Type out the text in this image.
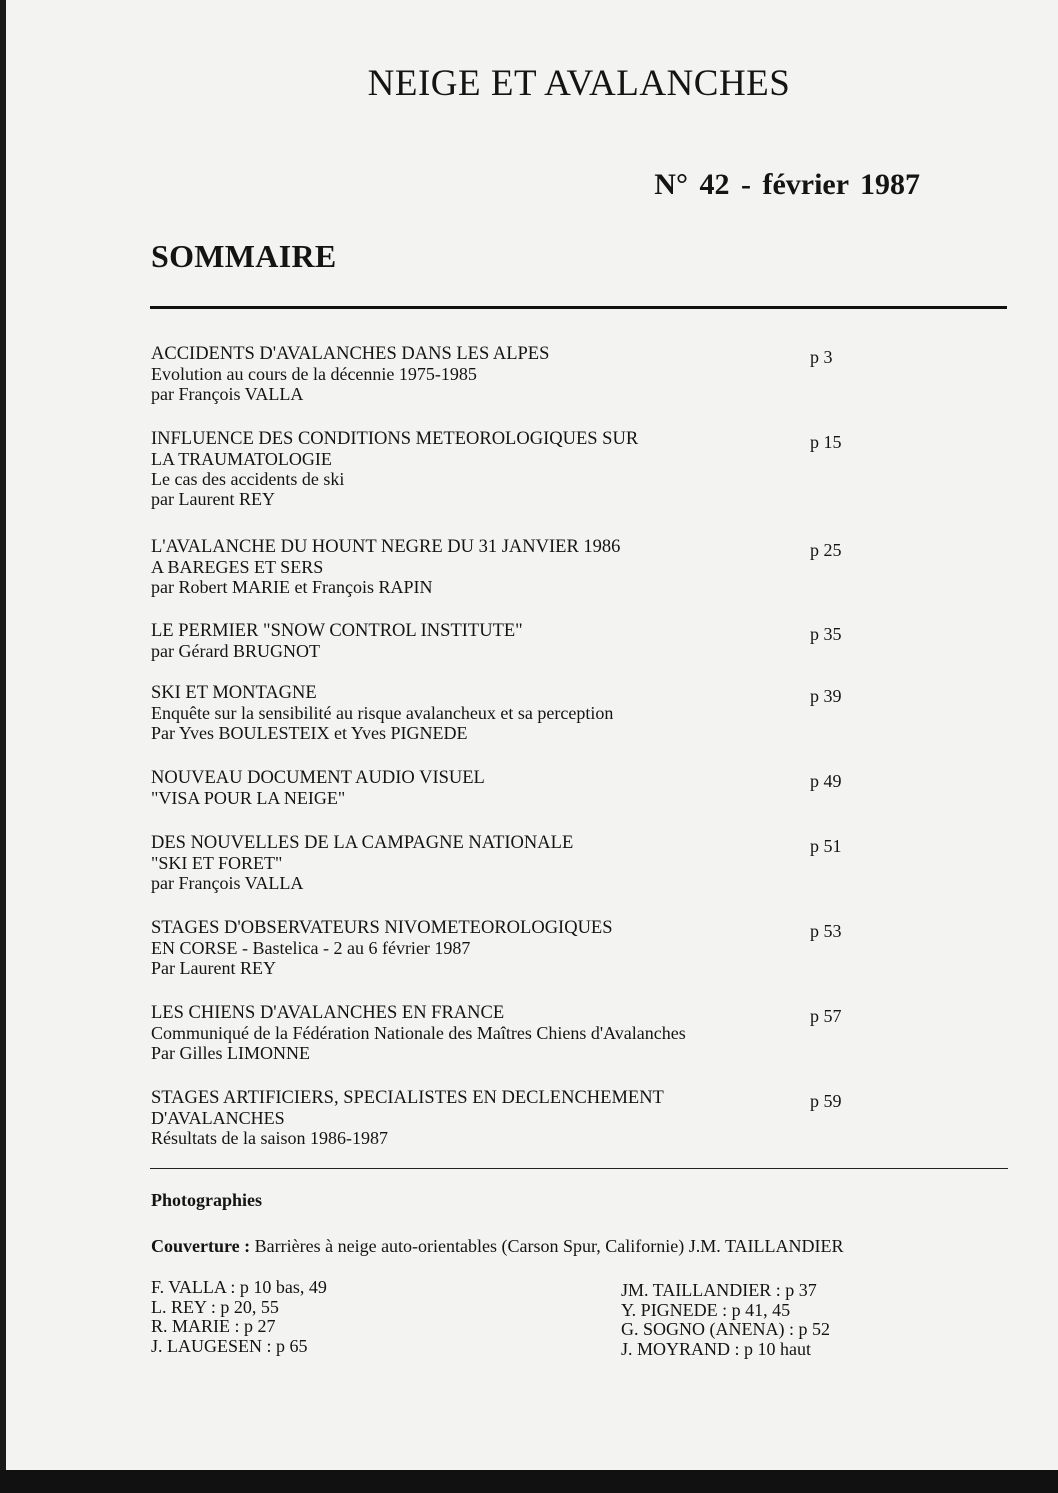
NEIGE ET AVALANCHES
N° 42 - février 1987
SOMMAIRE
ACCIDENTS D'AVALANCHES DANS LES ALPES
Evolution au cours de la décennie 1975-1985
par François VALLA
p 3
INFLUENCE DES CONDITIONS METEOROLOGIQUES SUR
LA TRAUMATOLOGIE
Le cas des accidents de ski
par Laurent REY
p 15
L'AVALANCHE DU HOUNT NEGRE DU 31 JANVIER 1986
A BAREGES ET SERS
par Robert MARIE et François RAPIN
p 25
LE PERMIER "SNOW CONTROL INSTITUTE"
par Gérard BRUGNOT
p 35
SKI ET MONTAGNE
Enquête sur la sensibilité au risque avalancheux et sa perception
Par Yves BOULESTEIX et Yves PIGNEDE
p 39
NOUVEAU DOCUMENT AUDIO VISUEL
"VISA POUR LA NEIGE"
p 49
DES NOUVELLES DE LA CAMPAGNE NATIONALE
"SKI ET FORET"
par François VALLA
p 51
STAGES D'OBSERVATEURS NIVOMETEOROLOGIQUES
EN CORSE - Bastelica - 2 au 6 février 1987
Par Laurent REY
p 53
LES CHIENS D'AVALANCHES EN FRANCE
Communiqué de la Fédération Nationale des Maîtres Chiens d'Avalanches
Par Gilles LIMONNE
p 57
STAGES ARTIFICIERS, SPECIALISTES EN DECLENCHEMENT
D'AVALANCHES
Résultats de la saison 1986-1987
p 59
Photographies
Couverture : Barrières à neige auto-orientables (Carson Spur, Californie) J.M. TAILLANDIER
F. VALLA : p 10 bas, 49
L. REY : p 20, 55
R. MARIE : p 27
J. LAUGESEN : p 65
JM. TAILLANDIER : p 37
Y. PIGNEDE : p 41, 45
G. SOGNO (ANENA) : p 52
J. MOYRAND : p 10 haut
